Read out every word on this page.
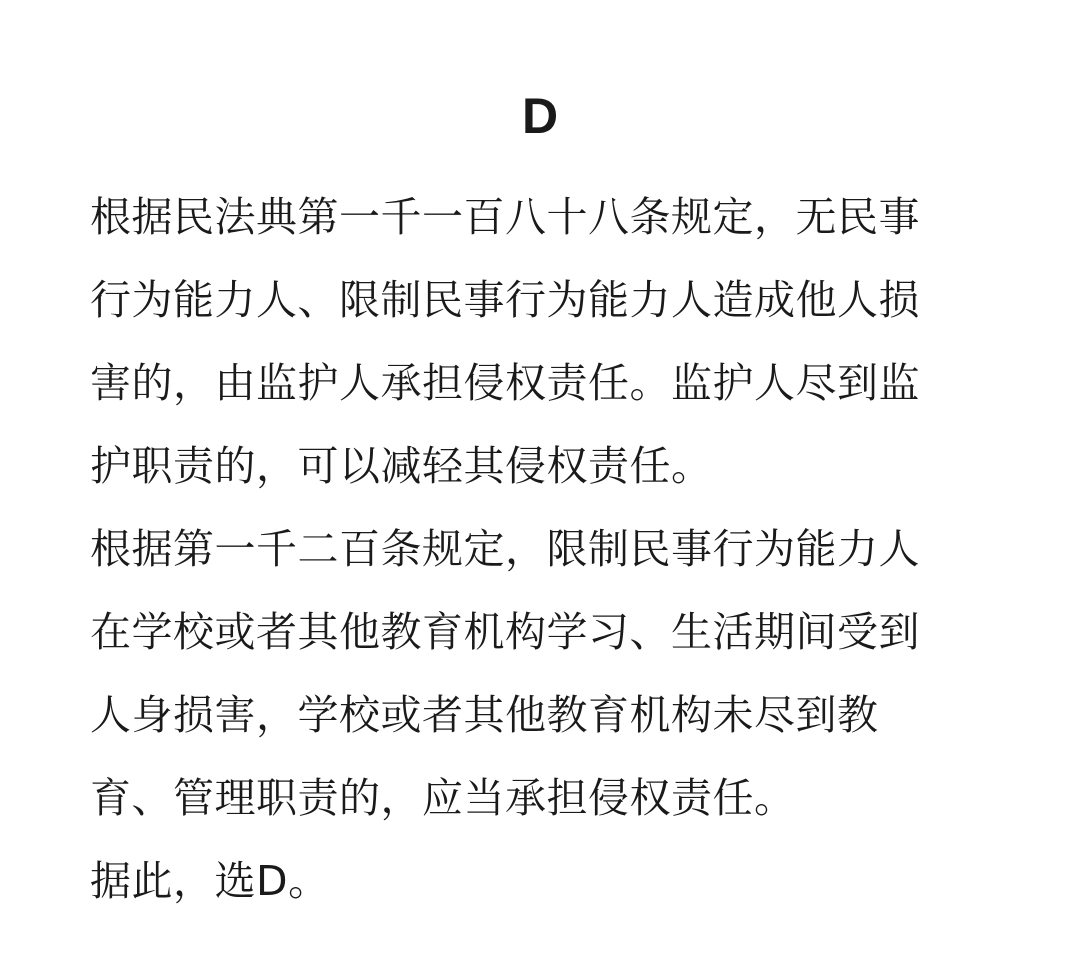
D
根据民法典第一千一百八十八条规定，无民事
行为能力人、限制民事行为能力人造成他人损
害的，由监护人承担侵权责任。监护人尽到监
护职责的，可以减轻其侵权责任。
根据第一千二百条规定，限制民事行为能力人
在学校或者其他教育机构学习、生活期间受到
人身损害，学校或者其他教育机构未尽到教
育、管理职责的，应当承担侵权责任。
据此，选D。
